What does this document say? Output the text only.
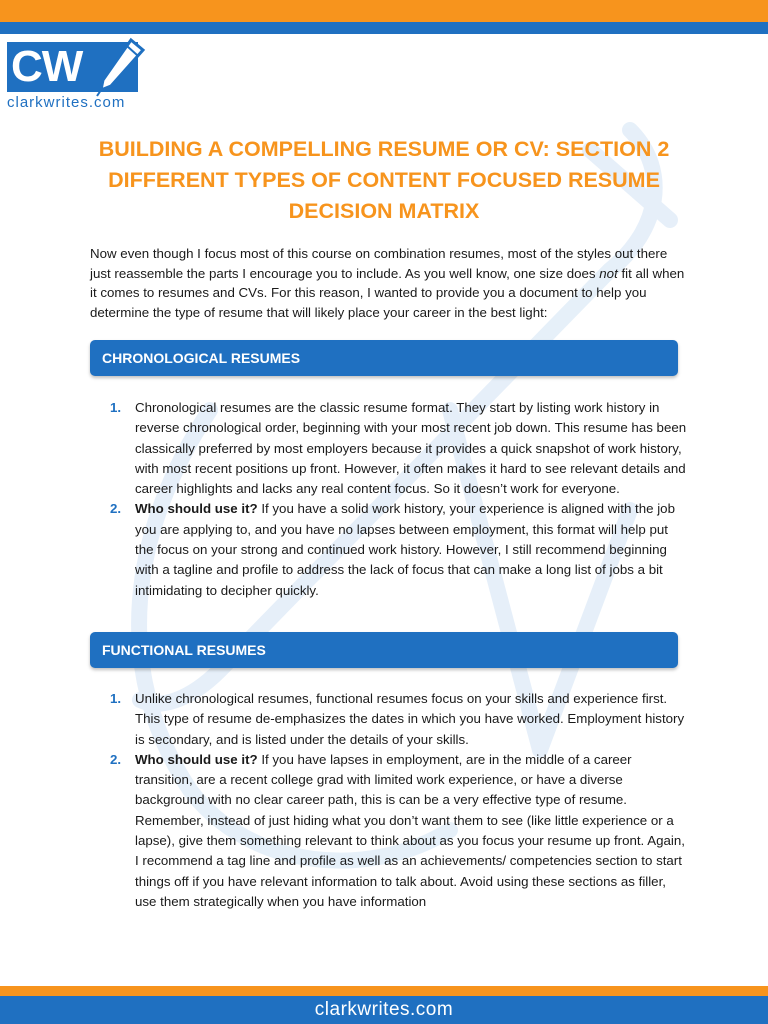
CW
clarkwrites.com
BUILDING A COMPELLING RESUME OR CV: SECTION 2
DIFFERENT TYPES OF CONTENT FOCUSED RESUME
DECISION MATRIX

Now even though I focus most of this course on combination resumes, most of the styles out there just reassemble the parts I encourage you to include. As you well know, one size does not fit all when it comes to resumes and CVs. For this reason, I wanted to provide you a document to help you determine the type of resume that will likely place your career in the best light:

CHRONOLOGICAL RESUMES
1. Chronological resumes are the classic resume format. They start by listing work history in reverse chronological order, beginning with your most recent job down. This resume has been classically preferred by most employers because it provides a quick snapshot of work history, with most recent positions up front. However, it often makes it hard to see relevant details and career highlights and lacks any real content focus. So it doesn’t work for everyone.
2. Who should use it? If you have a solid work history, your experience is aligned with the job you are applying to, and you have no lapses between employment, this format will help put the focus on your strong and continued work history. However, I still recommend beginning with a tagline and profile to address the lack of focus that can make a long list of jobs a bit intimidating to decipher quickly.
FUNCTIONAL RESUMES
1. Unlike chronological resumes, functional resumes focus on your skills and experience first. This type of resume de-emphasizes the dates in which you have worked. Employment history is secondary, and is listed under the details of your skills.
2. Who should use it? If you have lapses in employment, are in the middle of a career transition, are a recent college grad with limited work experience, or have a diverse background with no clear career path, this is can be a very effective type of resume. Remember, instead of just hiding what you don’t want them to see (like little experience or a lapse), give them something relevant to think about as you focus your resume up front. Again, I recommend a tag line and profile as well as an achievements/ competencies section to start things off if you have relevant information to talk about. Avoid using these sections as filler, use them strategically when you have information
clarkwrites.com
